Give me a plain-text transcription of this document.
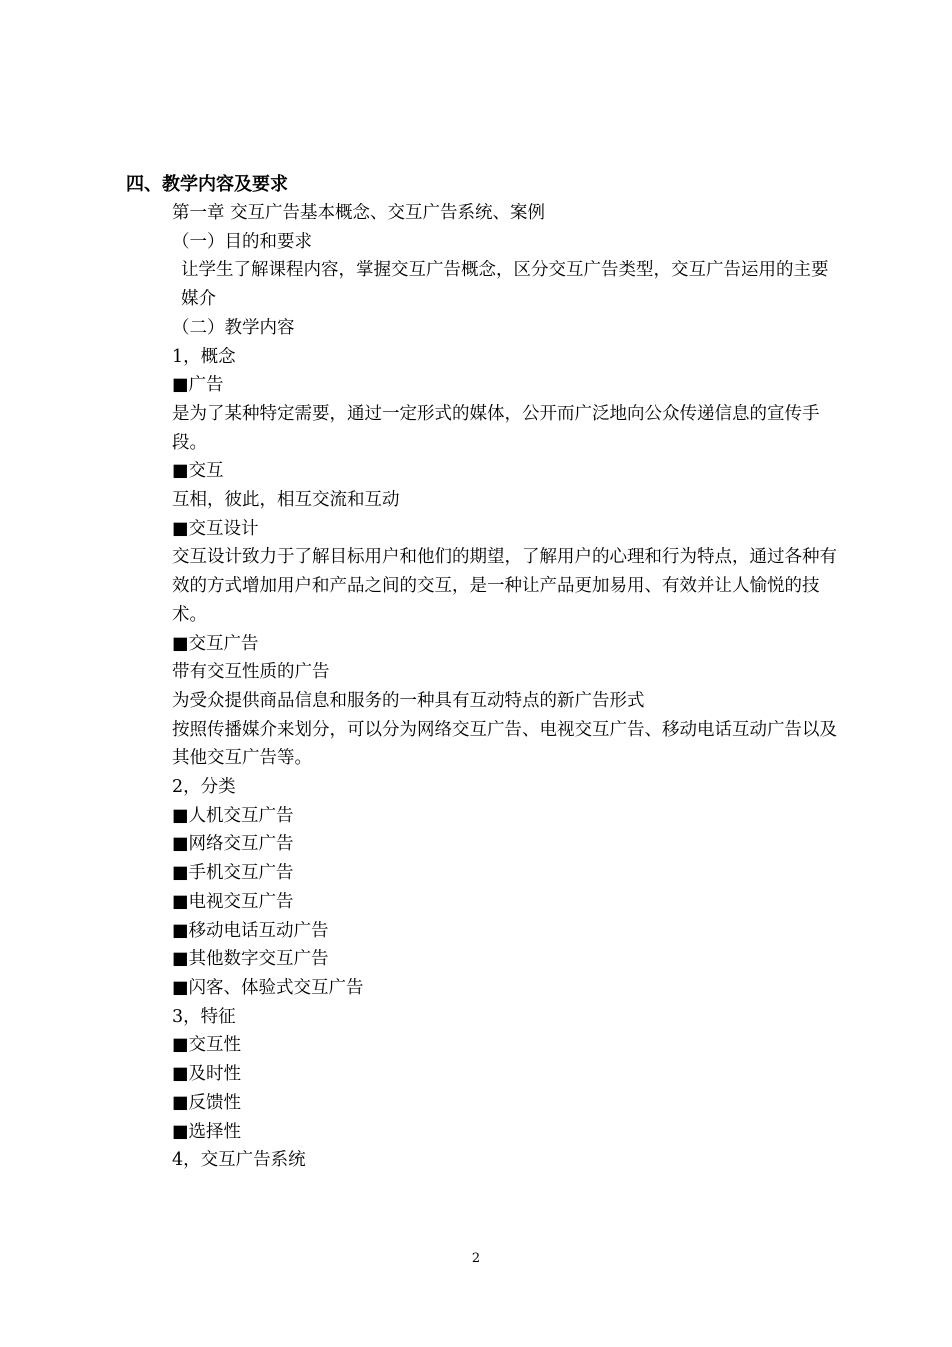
四、教学内容及要求
第一章 交互广告基本概念、交互广告系统、案例
（一）目的和要求
让学生了解课程内容，掌握交互广告概念，区分交互广告类型，交互广告运用的主要媒介
（二）教学内容
1，概念
■广告
是为了某种特定需要，通过一定形式的媒体，公开而广泛地向公众传递信息的宣传手段。
■交互
互相，彼此，相互交流和互动
■交互设计
交互设计致力于了解目标用户和他们的期望，了解用户的心理和行为特点，通过各种有效的方式增加用户和产品之间的交互，是一种让产品更加易用、有效并让人愉悦的技术。
■交互广告
带有交互性质的广告
为受众提供商品信息和服务的一种具有互动特点的新广告形式
按照传播媒介来划分，可以分为网络交互广告、电视交互广告、移动电话互动广告以及其他交互广告等。
2，分类
■人机交互广告
■网络交互广告
■手机交互广告
■电视交互广告
■移动电话互动广告
■其他数字交互广告
■闪客、体验式交互广告
3，特征
■交互性
■及时性
■反馈性
■选择性
4，交互广告系统
2
